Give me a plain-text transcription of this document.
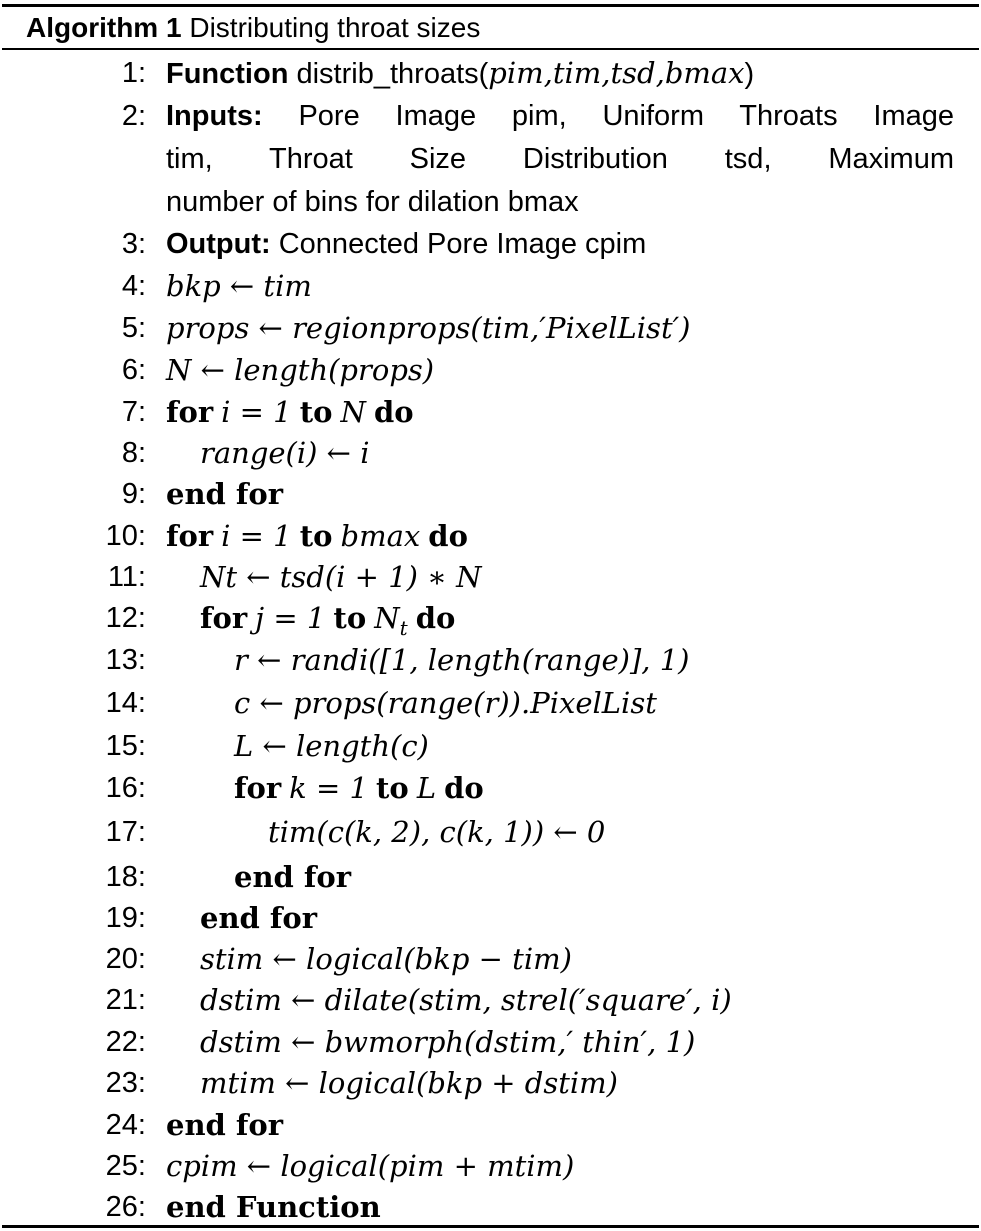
Algorithm 1 Distributing throat sizes
1: Function distrib_throats(pim,tim,tsd,bmax)
2: Inputs: Pore Image pim, Uniform Throats Image
tim, Throat Size Distribution tsd, Maximum
number of bins for dilation bmax
3: Output: Connected Pore Image cpim
4: bkp ← tim
5: props ← regionprops(tim,′PixelList′)
6: N ← length(props)
7: for i = 1 to N do
8:	range(i) ← i
9: end for
10: for i = 1 to bmax do
11:	Nt ← tsd(i + 1) ∗ N
12:	for j = 1 to $N_t$ do
13:	r ← randi([1, length(range)], 1)
14:	c ← props(range(r)).PixelList
15:	L ← length(c)
16:	for k = 1 to L do
17:	tim(c(k, 2), c(k, 1)) ← 0
18:	end for
19:	end for
20:	stim ← logical(bkp − tim)
21:	dstim ← dilate(stim, strel(′square′, i)
22:	dstim ← bwmorph(dstim,′ thin′, 1)
23:	mtim ← logical(bkp + dstim)
24: end for
25: cpim ← logical(pim + mtim)
26: end Function
